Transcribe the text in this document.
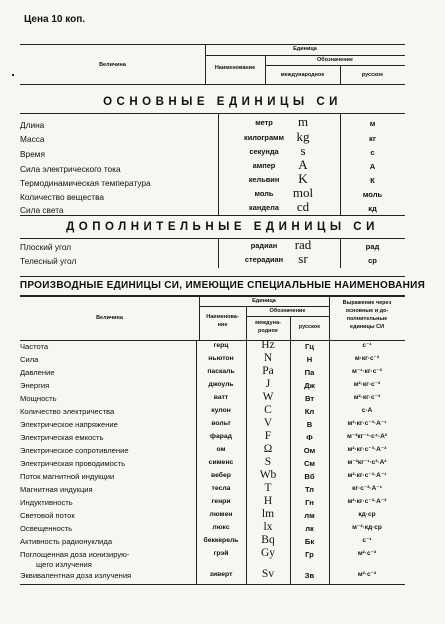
Цена 10 коп.
Величина
Единица
Наименование
Обозначение
международное	русское
ОСНОВНЫЕ ЕДИНИЦЫ СИ
Длина	метр	m	м
Масса	килограмм kg	кг
Время	секунда	s	с
Сила электрического тока	ампер	A	А
Термодинамическая температура	кельвин	K	К
Количество вещества	моль	mol	моль
Сила света	кандела	cd	кд
ДОПОЛНИТЕЛЬНЫЕ ЕДИНИЦЫ СИ
Плоский угол	радиан	rad	рад
Телесный угол	стерадиан	sr	ср
ПРОИЗВОДНЫЕ ЕДИНИЦЫ СИ, ИМЕЮЩИЕ СПЕЦИАЛЬНЫЕ НАИМЕНОВАНИЯ
Величина
Единица
Наименова-
ние
Обозначение
междуна-
родное
русское
Выражение через
основные и до-
полнительные
единицы СИ
Частота	герц	Hz	Гц	с⁻¹
Сила	ньютон	N	Н	м·кг·с⁻²
Давление	паскаль	Pa	Па	м⁻¹·кг·с⁻²
Энергия	джоуль	J	Дж	м²·кг·с⁻²
Мощность	ватт	W	Вт	м²·кг·с⁻³
Количество электричества	кулон	C	Кл	с·А
Электрическое напряжение	вольт	V	В	м²·кг·с⁻³·А⁻¹
Электрическая емкость	фарад	F	Ф	м⁻²кг⁻¹·с⁴·А²
Электрическое сопротивление	ом	Ω	Ом	м²·кг·с⁻³·А⁻²
Электрическая проводимость	сименс	S	См	м⁻²кг⁻¹·с³·А²
Поток магнитной индукции	вебер	Wb	Вб	м²·кг·с⁻²·А⁻¹
Магнитная индукция	тесла	T	Тл	кг·с⁻²·А⁻¹
Индуктивность	генри	H	Гн	м²·кг·с⁻²·А⁻²
Световой поток	люмен	lm	лм	кд·ср
Освещенность	люкс	lx	лк	м⁻²·кд·ср
Активность радионуклида	беккерель	Bq	Бк	с⁻¹
Поглощенная доза ионизирую-
щего излучения
грэй	Gy	Гр	м²·с⁻²
Эквивалентная доза излучения	зиверт	Sv	Зв	м²·с⁻²
